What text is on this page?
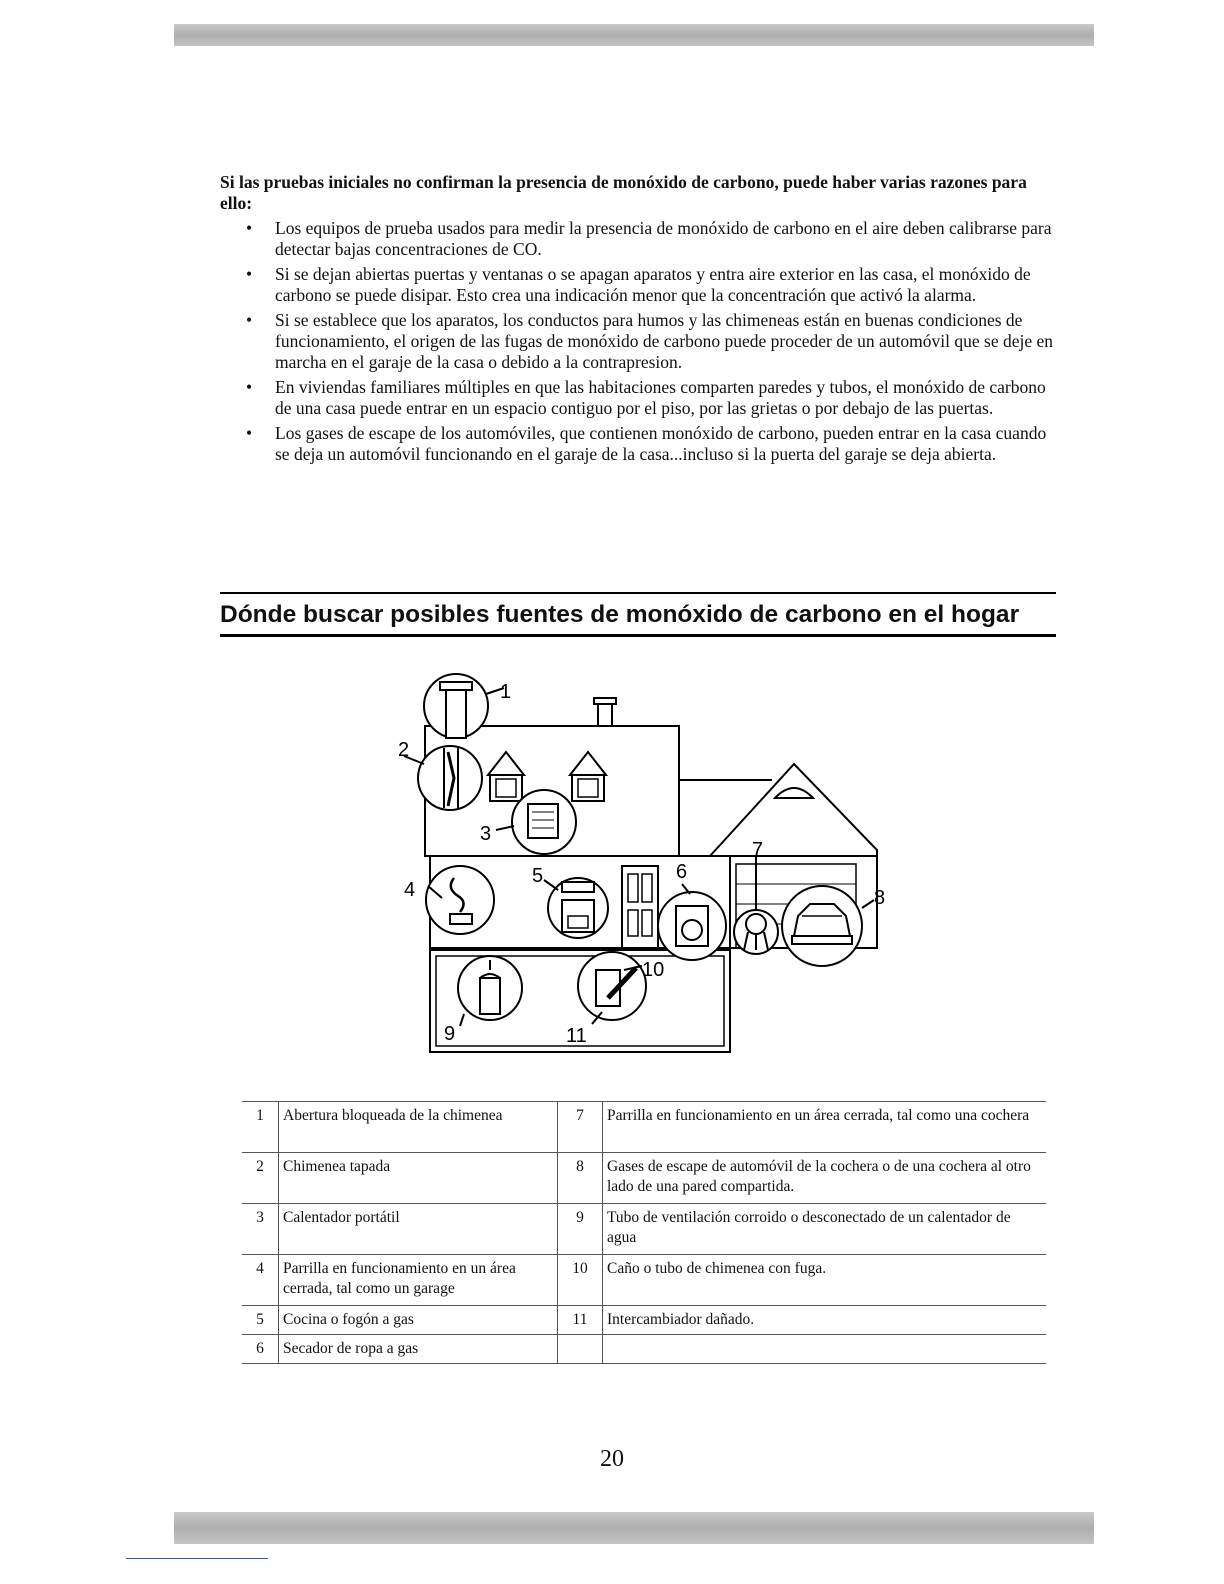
Si las pruebas iniciales no confirman la presencia de monóxido de carbono, puede haber varias razones para ello:

• Los equipos de prueba usados para medir la presencia de monóxido de carbono en el aire deben calibrarse para detectar bajas concentraciones de CO.
• Si se dejan abiertas puertas y ventanas o se apagan aparatos y entra aire exterior en las casa, el monóxido de carbono se puede disipar. Esto crea una indicación menor que la concentración que activó la alarma.
• Si se establece que los aparatos, los conductos para humos y las chimeneas están en buenas condiciones de funcionamiento, el origen de las fugas de monóxido de carbono puede proceder de un automóvil que se deje en marcha en el garaje de la casa o debido a la contrapresion.
• En viviendas familiares múltiples en que las habitaciones comparten paredes y tubos, el monóxido de carbono de una casa puede entrar en un espacio contiguo por el piso, por las grietas o por debajo de las puertas.
• Los gases de escape de los automóviles, que contienen monóxido de carbono, pueden entrar en la casa cuando se deja un automóvil funcionando en el garaje de la casa...incluso si la puerta del garaje se deja abierta.
Dónde buscar posibles fuentes de monóxido de carbono en el hogar
1
2
3
4
5	6
7
8
9
10
11
1	Abertura bloqueada de la chimenea	7	Parrilla en funcionamiento en un área cerrada, tal como una cochera
2	Chimenea tapada	8	Gases de escape de automóvil de la cochera o de una cochera al otro lado de una pared compartida.
3	Calentador portátil	9	Tubo de ventilación corroido o desconectado de un calentador de agua
4	Parrilla en funcionamiento en un área cerrada, tal como un garage	10	Caño o tubo de chimenea con fuga.
5	Cocina o fogón a gas	11	Intercambiador dañado.
6	Secador de ropa a gas		
20
